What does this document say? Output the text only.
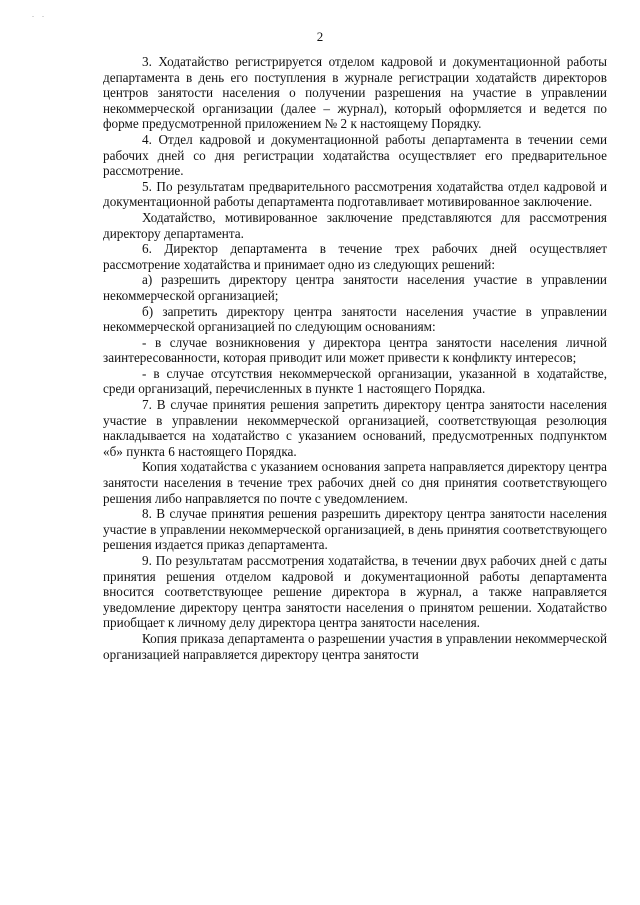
. .
2

3. Ходатайство регистрируется отделом кадровой и документационной работы департамента в день его поступления в журнале регистрации ходатайств директоров центров занятости населения о получении разрешения на участие в управлении некоммерческой организации (далее – журнал), который оформляется и ведется по форме предусмотренной приложением № 2 к настоящему Порядку.

4. Отдел кадровой и документационной работы департамента в течении семи рабочих дней со дня регистрации ходатайства осуществляет его предварительное рассмотрение.

5. По результатам предварительного рассмотрения ходатайства отдел кадровой и документационной работы департамента подготавливает мотивированное заключение.

Ходатайство, мотивированное заключение представляются для рассмотрения директору департамента.

6. Директор департамента в течение трех рабочих дней осуществляет рассмотрение ходатайства и принимает одно из следующих решений:

а) разрешить директору центра занятости населения участие в управлении некоммерческой организацией;

б) запретить директору центра занятости населения участие в управлении некоммерческой организацией по следующим основаниям:

- в случае возникновения у директора центра занятости населения личной заинтересованности, которая приводит или может привести к конфликту интересов;

- в случае отсутствия некоммерческой организации, указанной в ходатайстве, среди организаций, перечисленных в пункте 1 настоящего Порядка.

7. В случае принятия решения запретить директору центра занятости населения участие в управлении некоммерческой организацией, соответствующая резолюция накладывается на ходатайство с указанием оснований, предусмотренных подпунктом «б» пункта 6 настоящего Порядка.

Копия ходатайства с указанием основания запрета направляется директору центра занятости населения в течение трех рабочих дней со дня принятия соответствующего решения либо направляется по почте с уведомлением.

8. В случае принятия решения разрешить директору центра занятости населения участие в управлении некоммерческой организацией, в день принятия соответствующего решения издается приказ департамента.

9. По результатам рассмотрения ходатайства, в течении двух рабочих дней с даты принятия решения отделом кадровой и документационной работы департамента вносится соответствующее решение директора в журнал, а также направляется уведомление директору центра занятости населения о принятом решении. Ходатайство приобщает к личному делу директора центра занятости населения.

Копия приказа департамента о разрешении участия в управлении некоммерческой организацией направляется директору центра занятости
